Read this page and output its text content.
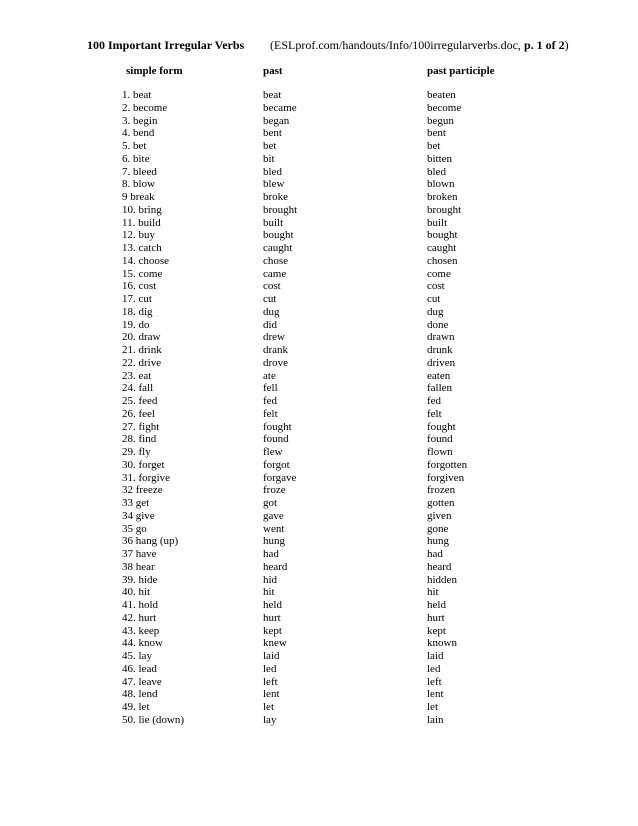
100 Important Irregular Verbs (ESLprof.com/handouts/Info/100irregularverbs.doc, p. 1 of 2)
simple form	past	past participle
1. beat	beat	beaten
2. become	became	become
3. begin	began	begun
4. bend	bent	bent
5. bet	bet	bet
6. bite	bit	bitten
7. bleed	bled	bled
8. blow	blew	blown
9 break	broke	broken
10. bring	brought	brought
11. build	built	built
12. buy	bought	bought
13. catch	caught	caught
14. choose	chose	chosen
15. come	came	come
16. cost	cost	cost
17. cut	cut	cut
18. dig	dug	dug
19. do	did	done
20. draw	drew	drawn
21. drink	drank	drunk
22. drive	drove	driven
23. eat	ate	eaten
24. fall	fell	fallen
25. feed	fed	fed
26. feel	felt	felt
27. fight	fought	fought
28. find	found	found
29. fly	flew	flown
30. forget	forgot	forgotten
31. forgive	forgave	forgiven
32 freeze	froze	frozen
33 get	got	gotten
34 give	gave	given
35 go	went	gone
36 hang (up)	hung	hung
37 have	had	had
38 hear	heard	heard
39. hide	hid	hidden
40. hit	hit	hit
41. hold	held	held
42. hurt	hurt	hurt
43. keep	kept	kept
44. know	knew	known
45. lay	laid	laid
46. lead	led	led
47. leave	left	left
48. lend	lent	lent
49. let	let	let
50. lie (down)	lay	lain
